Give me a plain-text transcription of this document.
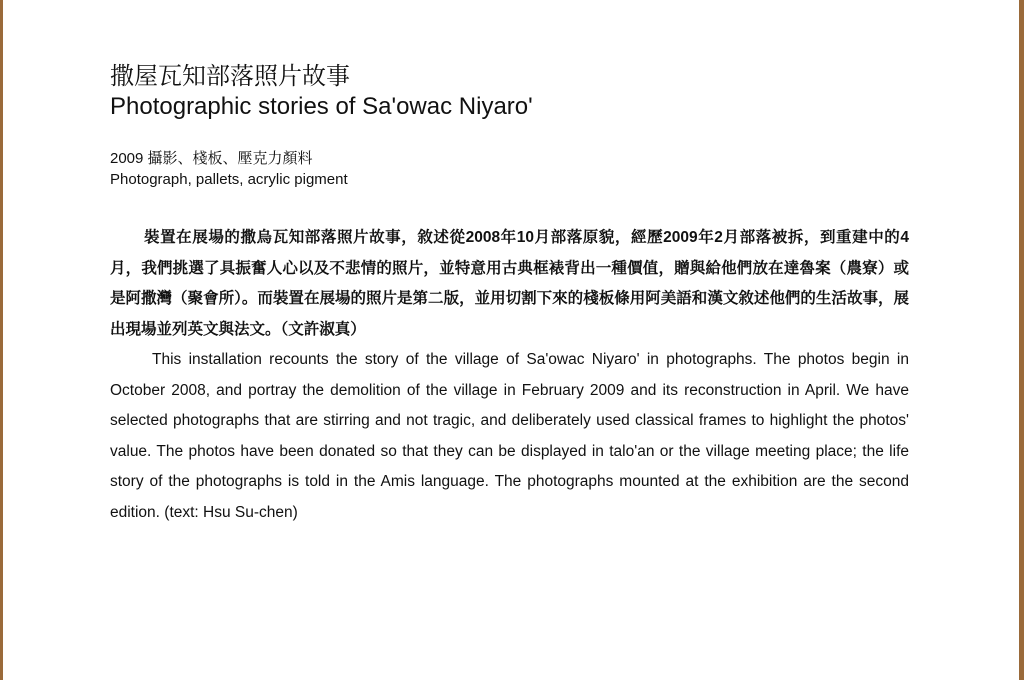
撒屋瓦知部落照片故事
Photographic stories of Sa'owac Niyaro'
2009 攝影、棧板、壓克力顏料
Photograph, pallets, acrylic pigment

裝置在展場的撒烏瓦知部落照片故事，敘述從2008年10月部落原貌，經歷2009年2月部落被拆，到重建中的4月，我們挑選了具振奮人心以及不悲情的照片，並特意用古典框裱背出一種價值，贈與給他們放在達魯案（農寮）或是阿撒灣（聚會所）。而裝置在展場的照片是第二版，並用切割下來的棧板條用阿美語和漢文敘述他們的生活故事，展出現場並列英文與法文。（文許淑真）

This installation recounts the story of the village of Sa'owac Niyaro' in photographs. The photos begin in October 2008, and portray the demolition of the village in February 2009 and its reconstruction in April. We have selected photographs that are stirring and not tragic, and deliberately used classical frames to highlight the photos' value. The photos have been donated so that they can be displayed in talo'an or the village meeting place; the life story of the photographs is told in the Amis language. The photographs mounted at the exhibition are the second edition. (text: Hsu Su-chen)
